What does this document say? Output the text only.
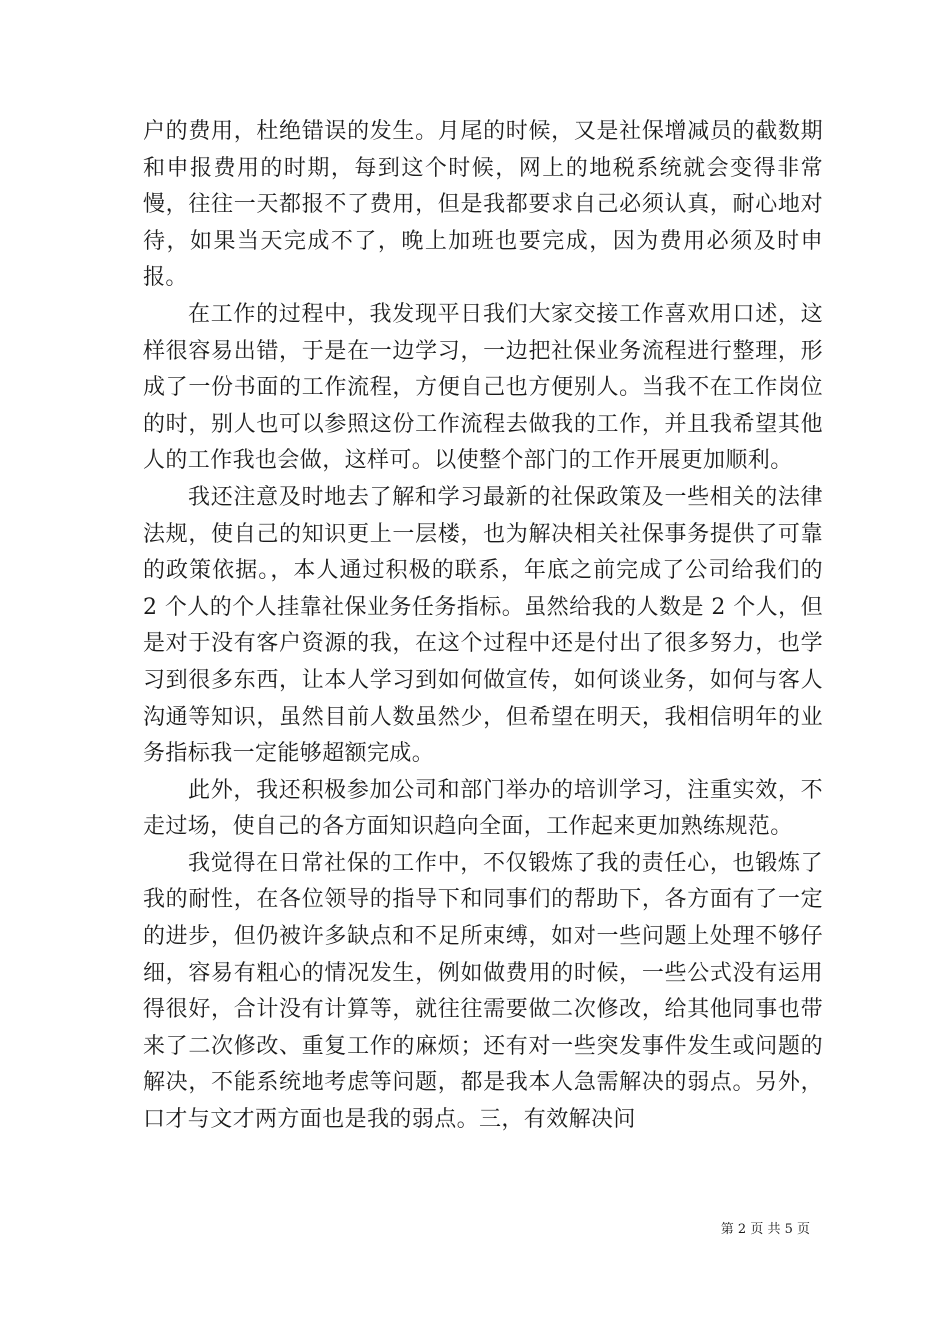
户的费用，杜绝错误的发生。月尾的时候，又是社保增减员的截数期和申报费用的时期，每到这个时候，网上的地税系统就会变得非常慢，往往一天都报不了费用，但是我都要求自己必须认真，耐心地对待，如果当天完成不了，晚上加班也要完成，因为费用必须及时申报。

在工作的过程中，我发现平日我们大家交接工作喜欢用口述，这样很容易出错，于是在一边学习，一边把社保业务流程进行整理，形成了一份书面的工作流程，方便自己也方便别人。当我不在工作岗位的时，别人也可以参照这份工作流程去做我的工作，并且我希望其他人的工作我也会做，这样可。以使整个部门的工作开展更加顺利。

我还注意及时地去了解和学习最新的社保政策及一些相关的法律法规，使自己的知识更上一层楼，也为解决相关社保事务提供了可靠的政策依据。，本人通过积极的联系，年底之前完成了公司给我们的 2 个人的个人挂靠社保业务任务指标。虽然给我的人数是 2 个人，但是对于没有客户资源的我，在这个过程中还是付出了很多努力，也学习到很多东西，让本人学习到如何做宣传，如何谈业务，如何与客人沟通等知识，虽然目前人数虽然少，但希望在明天，我相信明年的业务指标我一定能够超额完成。

此外，我还积极参加公司和部门举办的培训学习，注重实效，不走过场，使自己的各方面知识趋向全面，工作起来更加熟练规范。

我觉得在日常社保的工作中，不仅锻炼了我的责任心，也锻炼了我的耐性，在各位领导的指导下和同事们的帮助下，各方面有了一定的进步，但仍被许多缺点和不足所束缚，如对一些问题上处理不够仔细，容易有粗心的情况发生，例如做费用的时候，一些公式没有运用得很好，合计没有计算等，就往往需要做二次修改，给其他同事也带来了二次修改、重复工作的麻烦；还有对一些突发事件发生或问题的解决，不能系统地考虑等问题，都是我本人急需解决的弱点。另外，口才与文才两方面也是我的弱点。三，有效解决问

第 2 页 共 5 页
